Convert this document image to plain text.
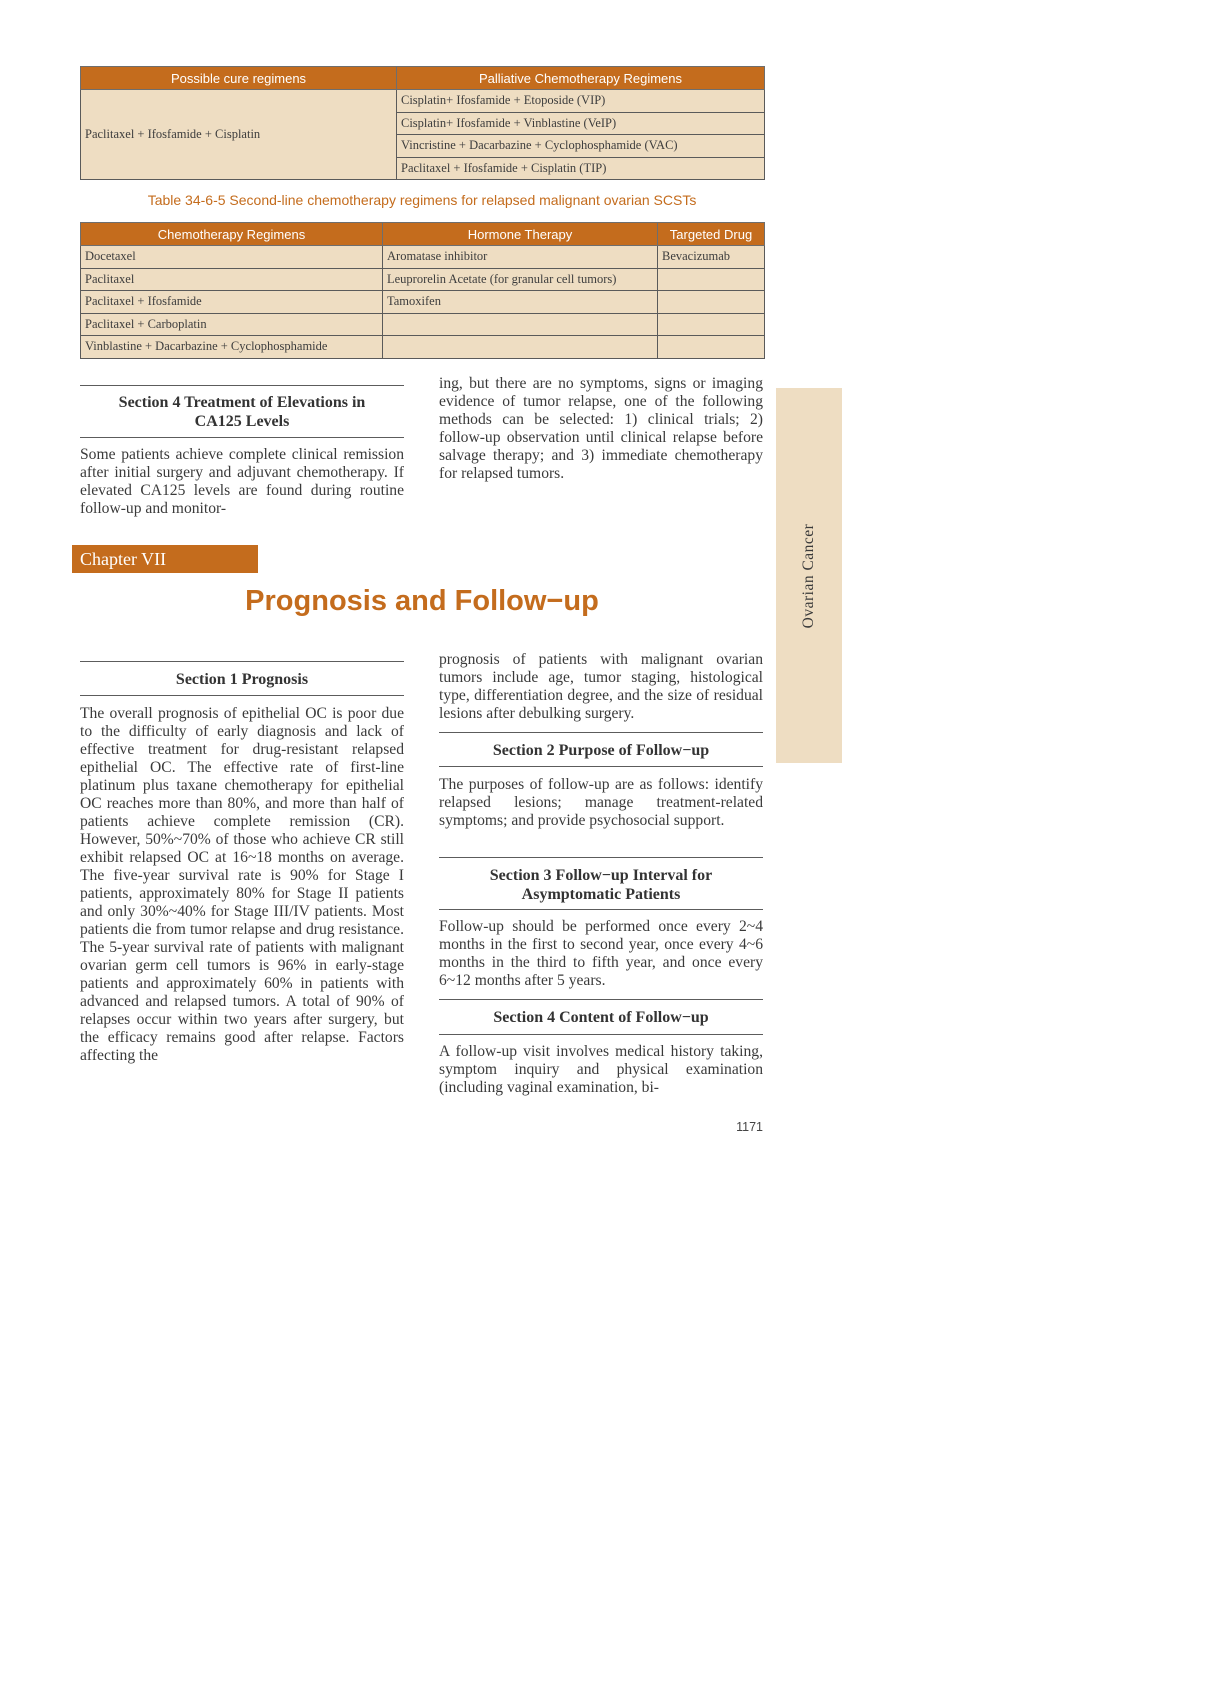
Possible cure regimens	Palliative Chemotherapy Regimens
Paclitaxel + Ifosfamide + Cisplatin	Cisplatin+ Ifosfamide + Etoposide (VIP)
	Cisplatin+ Ifosfamide + Vinblastine (VeIP)
	Vincristine + Dacarbazine + Cyclophosphamide (VAC)
	Paclitaxel + Ifosfamide + Cisplatin (TIP)
Table 34-6-5 Second-line chemotherapy regimens for relapsed malignant ovarian SCSTs
Chemotherapy Regimens	Hormone Therapy	Targeted Drug
Docetaxel	Aromatase inhibitor	Bevacizumab
Paclitaxel	Leuprorelin Acetate (for granular cell tumors)	
Paclitaxel + Ifosfamide	Tamoxifen	
Paclitaxel + Carboplatin		
Vinblastine + Dacarbazine + Cyclophosphamide		
Section 4 Treatment of Elevations in
CA125 Levels
Some patients achieve complete clinical remission after initial surgery and adjuvant chemotherapy. If elevated CA125 levels are found during routine follow-up and monitor-
ing, but there are no symptoms, signs or imaging evidence of tumor relapse, one of the following methods can be selected: 1) clinical trials; 2) follow-up observation until clinical relapse before salvage therapy; and 3) immediate chemotherapy for relapsed tumors.
Chapter VII
Prognosis and Follow−up	Ovarian Cancer
Section 1 Prognosis
The overall prognosis of epithelial OC is poor due to the difficulty of early diagnosis and lack of effective treatment for drug-resistant relapsed epithelial OC. The effective rate of first-line platinum plus taxane chemotherapy for epithelial OC reaches more than 80%, and more than half of patients achieve complete remission (CR). However, 50%~70% of those who achieve CR still exhibit relapsed OC at 16~18 months on average. The five-year survival rate is 90% for Stage I patients, approximately 80% for Stage II patients and only 30%~40% for Stage III/IV patients. Most patients die from tumor relapse and drug resistance. The 5-year survival rate of patients with malignant ovarian germ cell tumors is 96% in early-stage patients and approximately 60% in patients with advanced and relapsed tumors. A total of 90% of relapses occur within two years after surgery, but the efficacy remains good after relapse. Factors affecting the
prognosis of patients with malignant ovarian tumors include age, tumor staging, histological type, differentiation degree, and the size of residual lesions after debulking surgery.
Section 2 Purpose of Follow−up
The purposes of follow-up are as follows: identify relapsed lesions; manage treatment-related symptoms; and provide psychosocial support.
Section 3 Follow−up Interval for
Asymptomatic Patients
Follow-up should be performed once every 2~4 months in the first to second year, once every 4~6 months in the third to fifth year, and once every 6~12 months after 5 years.
Section 4 Content of Follow−up
A follow-up visit involves medical history taking, symptom inquiry and physical examination (including vaginal examination, bi-
1171
